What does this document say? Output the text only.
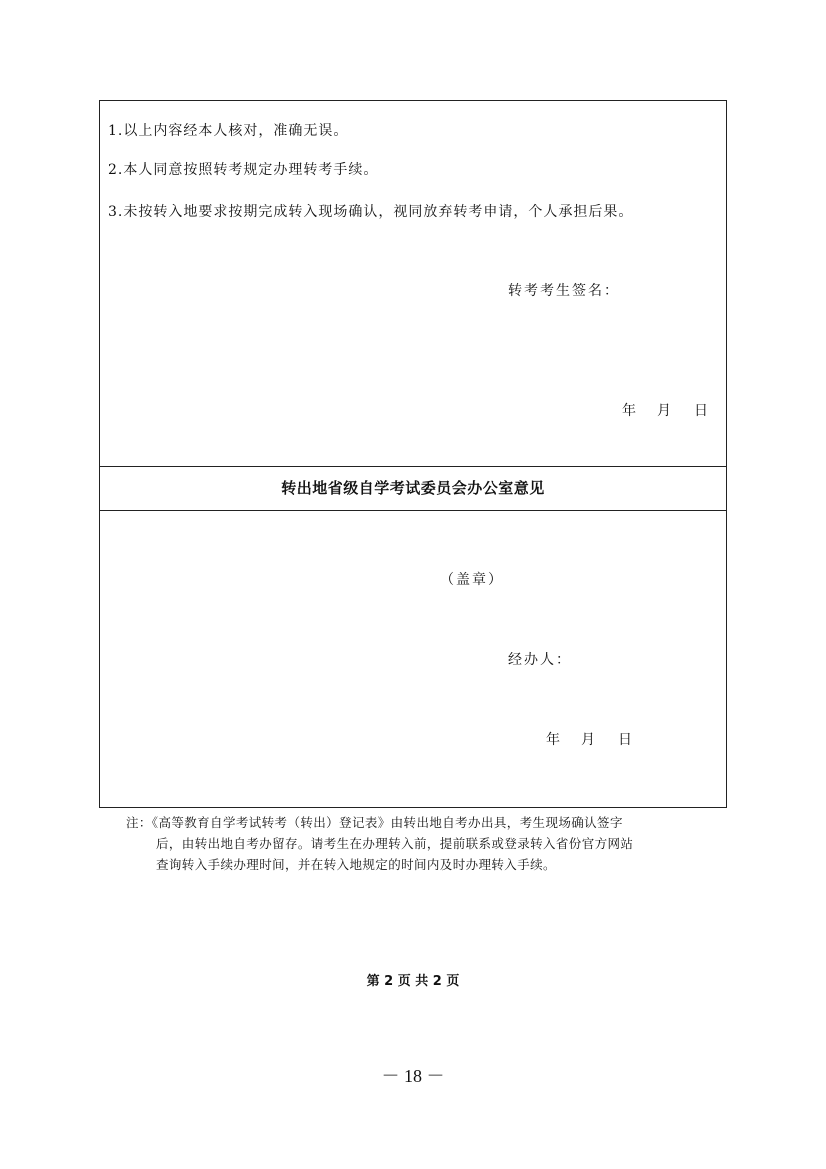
1.以上内容经本人核对，准确无误。
2.本人同意按照转考规定办理转考手续。
3.未按转入地要求按期完成转入现场确认，视同放弃转考申请，个人承担后果。
转考考生签名：
年 月 日
转出地省级自学考试委员会办公室意见
（盖章）
经办人：
年 月 日
注：《高等教育自学考试转考（转出）登记表》由转出地自考办出具，考生现场确认签字
后，由转出地自考办留存。请考生在办理转入前，提前联系或登录转入省份官方网站
查询转入手续办理时间，并在转入地规定的时间内及时办理转入手续。
第 2 页 共 2 页
－ 18 －
